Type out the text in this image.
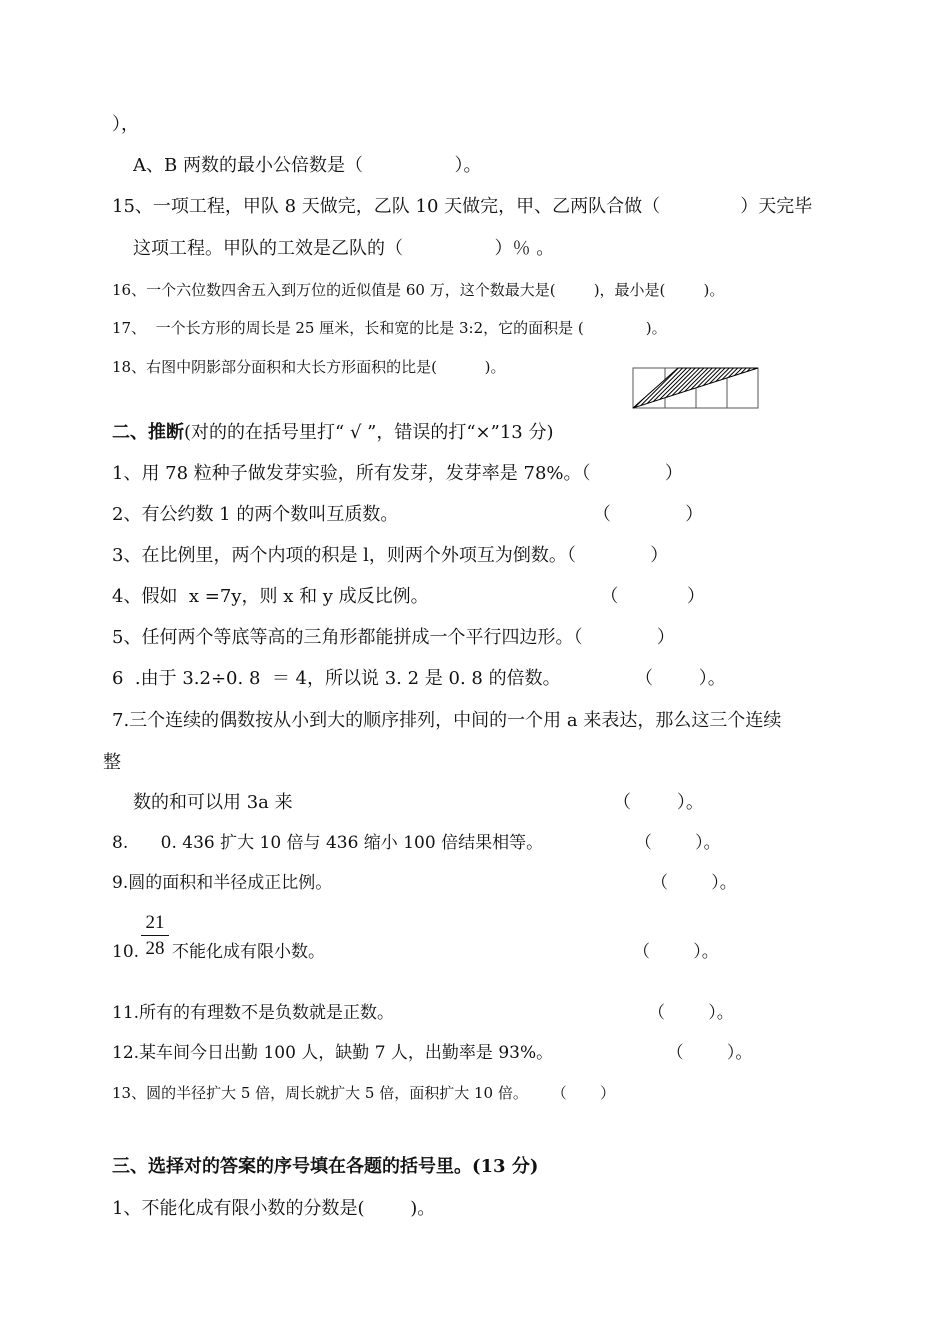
），
A、B 两数的最小公倍数是（                ）。
15、一项工程，甲队 8 天做完，乙队 10 天做完，甲、乙两队合做（              ）天完毕
这项工程。甲队的工效是乙队的（                ）％ 。
16、一个六位数四舍五入到万位的近似值是 60 万，这个数最大是(        )，最小是(        )。
17、  一个长方形的周长是 25 厘米，长和宽的比是 3:2，它的面积是 (             )。
18、右图中阴影部分面积和大长方形面积的比是(          )。
二、推断(对的的在括号里打“ √ ”，错误的打“×”13 分)
1、用 78 粒种子做发芽实验，所有发芽，发芽率是 78%。（             ）
2、有公约数 1 的两个数叫互质数。                                  （             ）
3、在比例里，两个内项的积是 l，则两个外项互为倒数。（             ）
4、假如  x =7y，则 x 和 y 成反比例。                              （            ）
5、任何两个等底等高的三角形都能拼成一个平行四边形。（             ）
6  .由于 3.2÷0. 8  ＝ 4，所以说 3. 2 是 0. 8 的倍数。             （        ）。
7.三个连续的偶数按从小到大的顺序排列，中间的一个用 a 来表达，那么这三个连续
整
数的和可以用 3a 来                                                        （        ）。
8.      0. 436 扩大 10 倍与 436 缩小 100 倍结果相等。                 （        ）。
9.圆的面积和半径成正比例。                                                           （        ）。
10.
21
28 不能化成有限小数。                                                         （        ）。
11.所有的有理数不是负数就是正数。                                               （        ）。
12.某车间今日出勤 100 人，缺勤 7 人，出勤率是 93%。                     （        ）。
13、圆的半径扩大 5 倍，周长就扩大 5 倍，面积扩大 10 倍。     （       ）
三、选择对的答案的序号填在各题的括号里。(13 分)
1、不能化成有限小数的分数是(        )。
